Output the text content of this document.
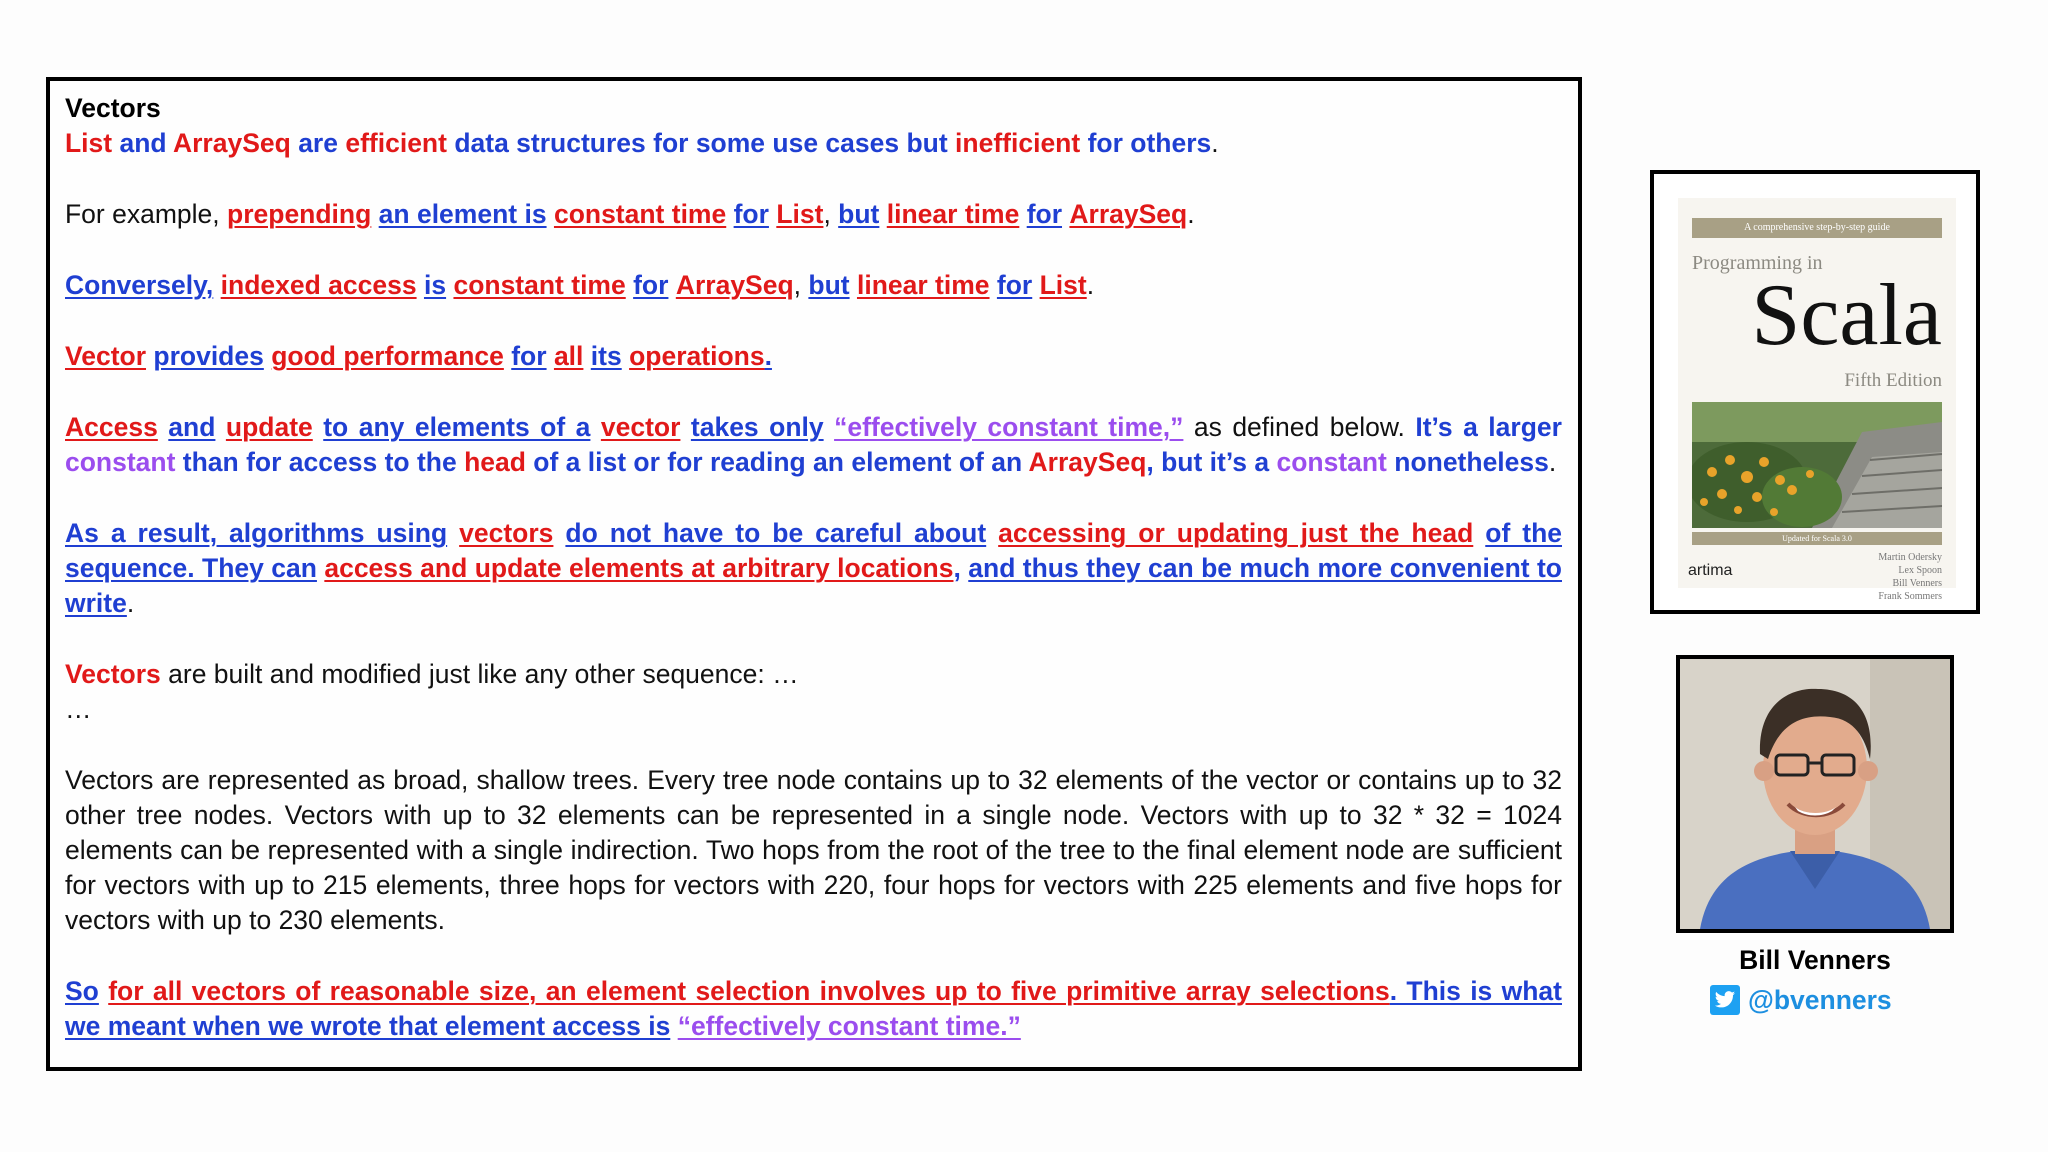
Vectors
List and ArraySeq are efficient data structures for some use cases but inefficient for others.
For example, prepending an element is constant time for List, but linear time for ArraySeq.
Conversely, indexed access is constant time for ArraySeq, but linear time for List.
Vector provides good performance for all its operations.
Access and update to any elements of a vector takes only “effectively constant time,” as defined below. It’s a larger constant than for access to the head of a list or for reading an element of an ArraySeq, but it’s a constant nonetheless.
As a result, algorithms using vectors do not have to be careful about accessing or updating just the head of the sequence. They can access and update elements at arbitrary locations, and thus they can be much more convenient to write.
Vectors are built and modified just like any other sequence: …
…
Vectors are represented as broad, shallow trees. Every tree node contains up to 32 elements of the vector or contains up to 32 other tree nodes. Vectors with up to 32 elements can be represented in a single node. Vectors with up to 32 * 32 = 1024 elements can be represented with a single indirection. Two hops from the root of the tree to the final element node are sufficient for vectors with up to 215 elements, three hops for vectors with 220, four hops for vectors with 225 elements and five hops for vectors with up to 230 elements.
So for all vectors of reasonable size, an element selection involves up to five primitive array selections. This is what we meant when we wrote that element access is “effectively constant time.”
A comprehensive step-by-step guide
Programming in
Scala
Fifth Edition
Updated for Scala 3.0
artima
Martin Odersky
Lex Spoon
Bill Venners
Frank Sommers
Bill Venners
@bvenners
